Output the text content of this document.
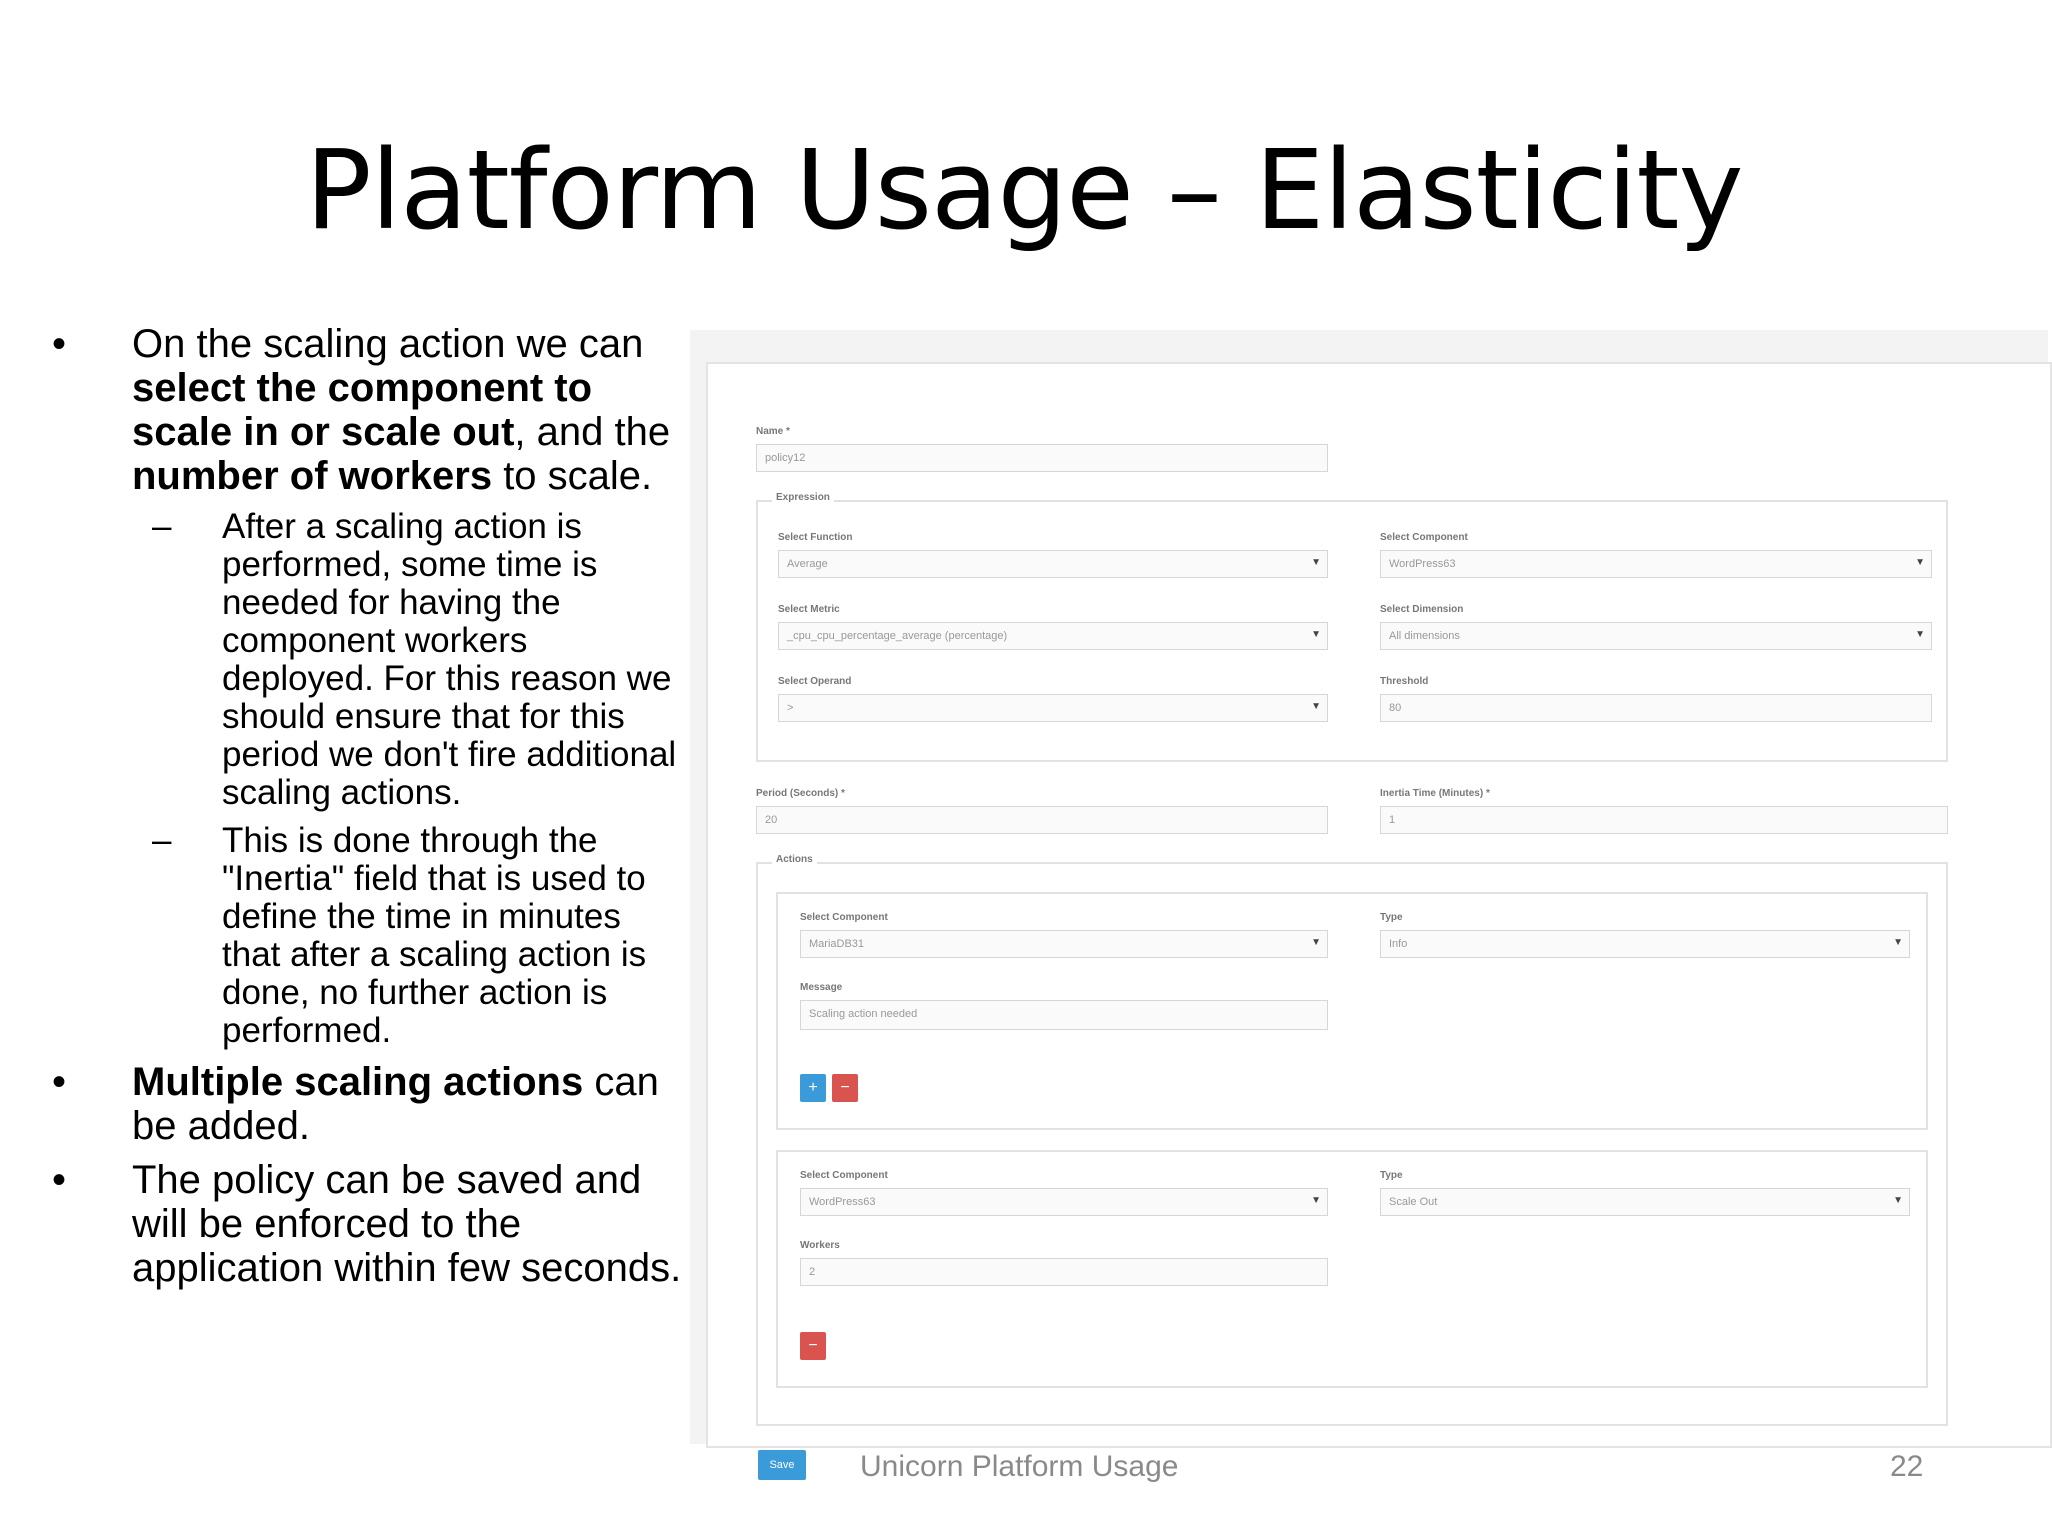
Platform Usage – Elasticity
• On the scaling action we can select the component to scale in or scale out, and the number of workers to scale.
– After a scaling action is performed, some time is needed for having the component workers deployed. For this reason we should ensure that for this period we don't fire additional scaling actions.
– This is done through the "Inertia" field that is used to define the time in minutes that after a scaling action is done, no further action is performed.
• Multiple scaling actions can be added.
• The policy can be saved and will be enforced to the application within few seconds.
Name *
policy12
Expression
Select Function
Average	▼
Select Component
WordPress63	▼
Select Metric
_cpu_cpu_percentage_average (percentage)	▼
Select Dimension
All dimensions	▼
Select Operand
>	▼
Threshold
80
Period (Seconds) *
20
Inertia Time (Minutes) *
1
Actions
Select Component
MariaDB31	▼
Type
Info	▼
Message
Scaling action needed
+	−
Select Component
WordPress63	▼
Type
Scale Out	▼
Workers
2
−
Save	Unicorn Platform Usage	22
